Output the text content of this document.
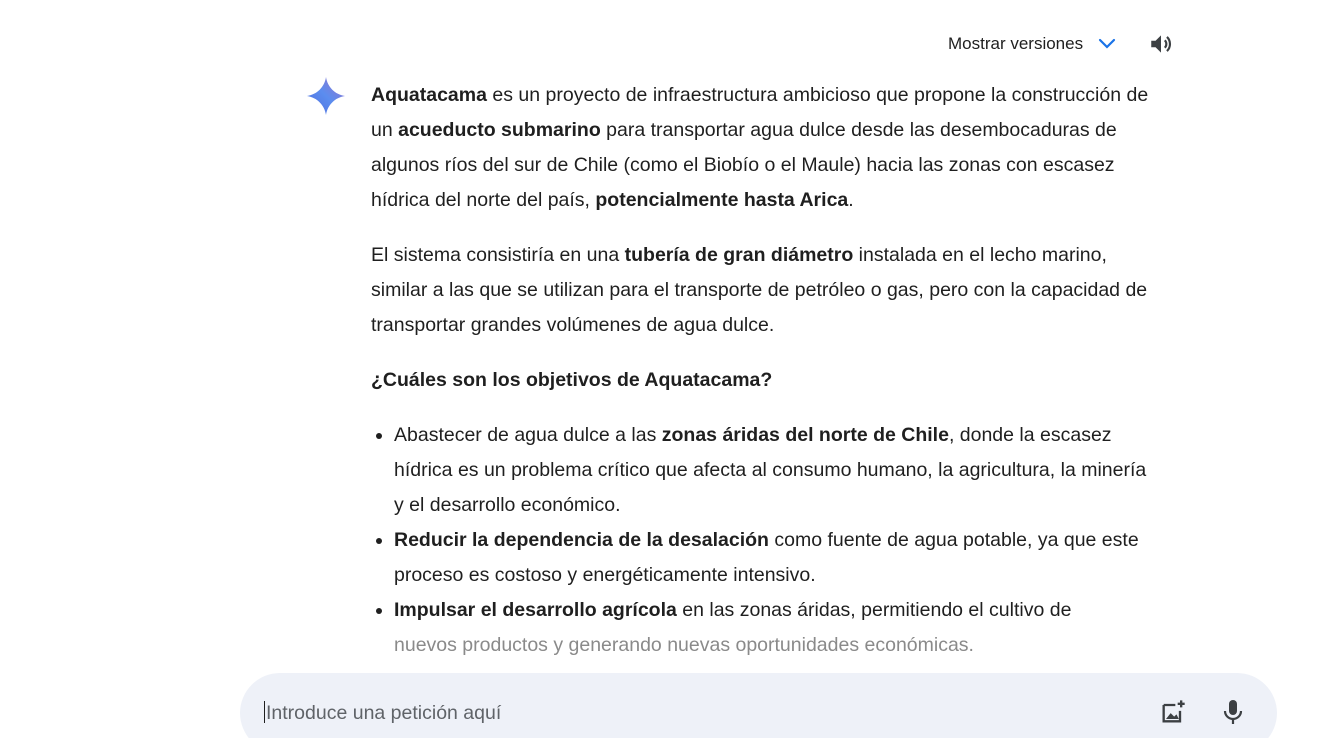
Mostrar versiones

Aquatacama es un proyecto de infraestructura ambicioso que propone la construcción de un acueducto submarino para transportar agua dulce desde las desembocaduras de algunos ríos del sur de Chile (como el Biobío o el Maule) hacia las zonas con escasez hídrica del norte del país, potencialmente hasta Arica.

El sistema consistiría en una tubería de gran diámetro instalada en el lecho marino, similar a las que se utilizan para el transporte de petróleo o gas, pero con la capacidad de transportar grandes volúmenes de agua dulce.

¿Cuáles son los objetivos de Aquatacama?
• Abastecer de agua dulce a las zonas áridas del norte de Chile, donde la escasez hídrica es un problema crítico que afecta al consumo humano, la agricultura, la minería y el desarrollo económico.
• Reducir la dependencia de la desalación como fuente de agua potable, ya que este proceso es costoso y energéticamente intensivo.
• Impulsar el desarrollo agrícola en las zonas áridas, permitiendo el cultivo de
nuevos productos y generando nuevas oportunidades económicas.
Introduce una petición aquí
